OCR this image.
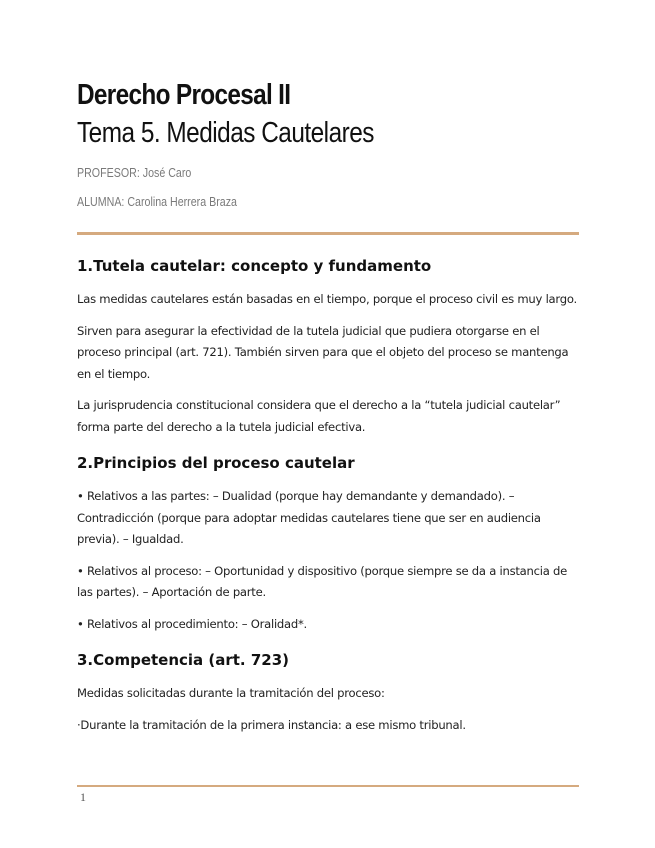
Derecho Procesal II
Tema 5. Medidas Cautelares
PROFESOR: José Caro
ALUMNA: Carolina Herrera Braza
1.Tutela cautelar: concepto y fundamento

Las medidas cautelares están basadas en el tiempo, porque el proceso civil es muy largo.

Sirven para asegurar la efectividad de la tutela judicial que pudiera otorgarse en el proceso principal (art. 721). También sirven para que el objeto del proceso se mantenga en el tiempo.

La jurisprudencia constitucional considera que el derecho a la “tutela judicial cautelar” forma parte del derecho a la tutela judicial efectiva.

2.Principios del proceso cautelar

• Relativos a las partes: – Dualidad (porque hay demandante y demandado). –Contradicción (porque para adoptar medidas cautelares tiene que ser en audiencia previa). – Igualdad.

• Relativos al proceso: – Oportunidad y dispositivo (porque siempre se da a instancia de las partes). – Aportación de parte.

• Relativos al procedimiento: – Oralidad*.

3.Competencia (art. 723)

Medidas solicitadas durante la tramitación del proceso:

·Durante la tramitación de la primera instancia: a ese mismo tribunal.

1
